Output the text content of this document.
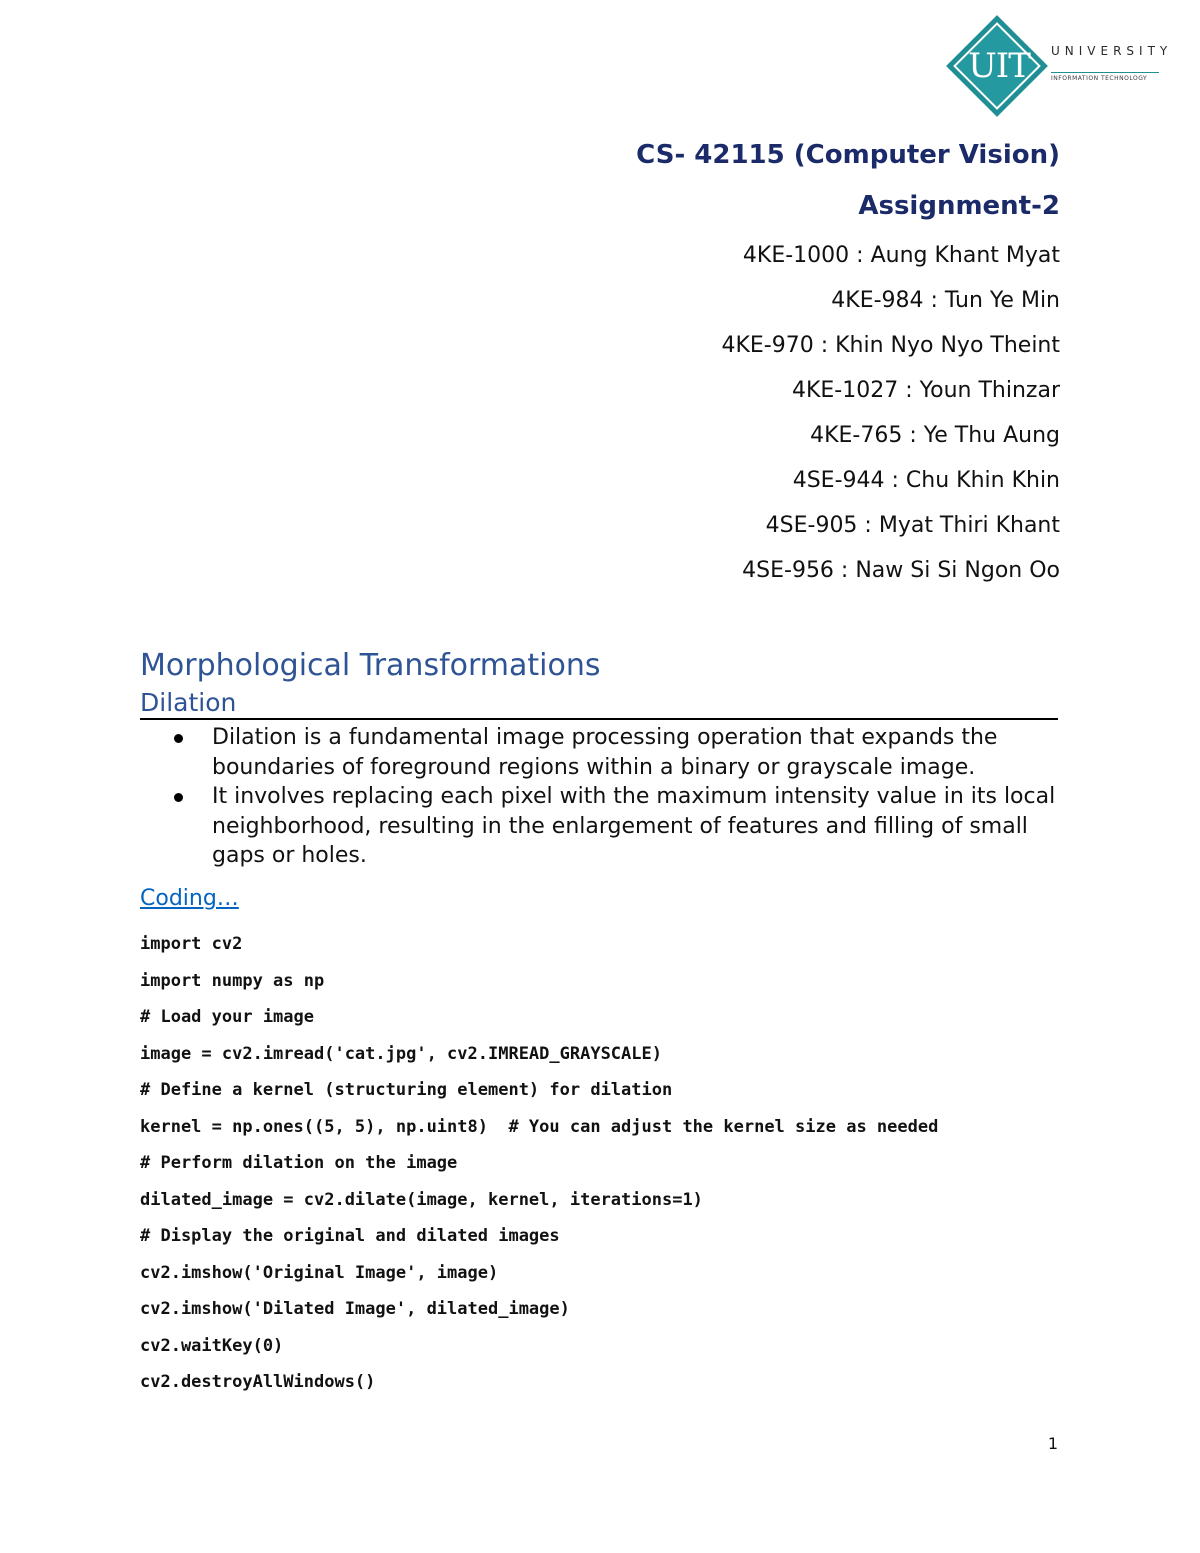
UIT UNIVERSITY
INFORMATION TECHNOLOGY
CS- 42115 (Computer Vision)
Assignment-2
4KE-1000 : Aung Khant Myat
4KE-984 : Tun Ye Min
4KE-970 : Khin Nyo Nyo Theint
4KE-1027 : Youn Thinzar
4KE-765 : Ye Thu Aung
4SE-944 : Chu Khin Khin
4SE-905 : Myat Thiri Khant
4SE-956 : Naw Si Si Ngon Oo
Morphological Transformations
Dilation
Dilation is a fundamental image processing operation that expands the boundaries of foreground regions within a binary or grayscale image.
It involves replacing each pixel with the maximum intensity value in its local neighborhood, resulting in the enlargement of features and filling of small gaps or holes.
Coding…
import cv2
import numpy as np
# Load your image
image = cv2.imread('cat.jpg', cv2.IMREAD_GRAYSCALE)
# Define a kernel (structuring element) for dilation
kernel = np.ones((5, 5), np.uint8)  # You can adjust the kernel size as needed
# Perform dilation on the image
dilated_image = cv2.dilate(image, kernel, iterations=1)
# Display the original and dilated images
cv2.imshow('Original Image', image)
cv2.imshow('Dilated Image', dilated_image)
cv2.waitKey(0)
cv2.destroyAllWindows()
1
